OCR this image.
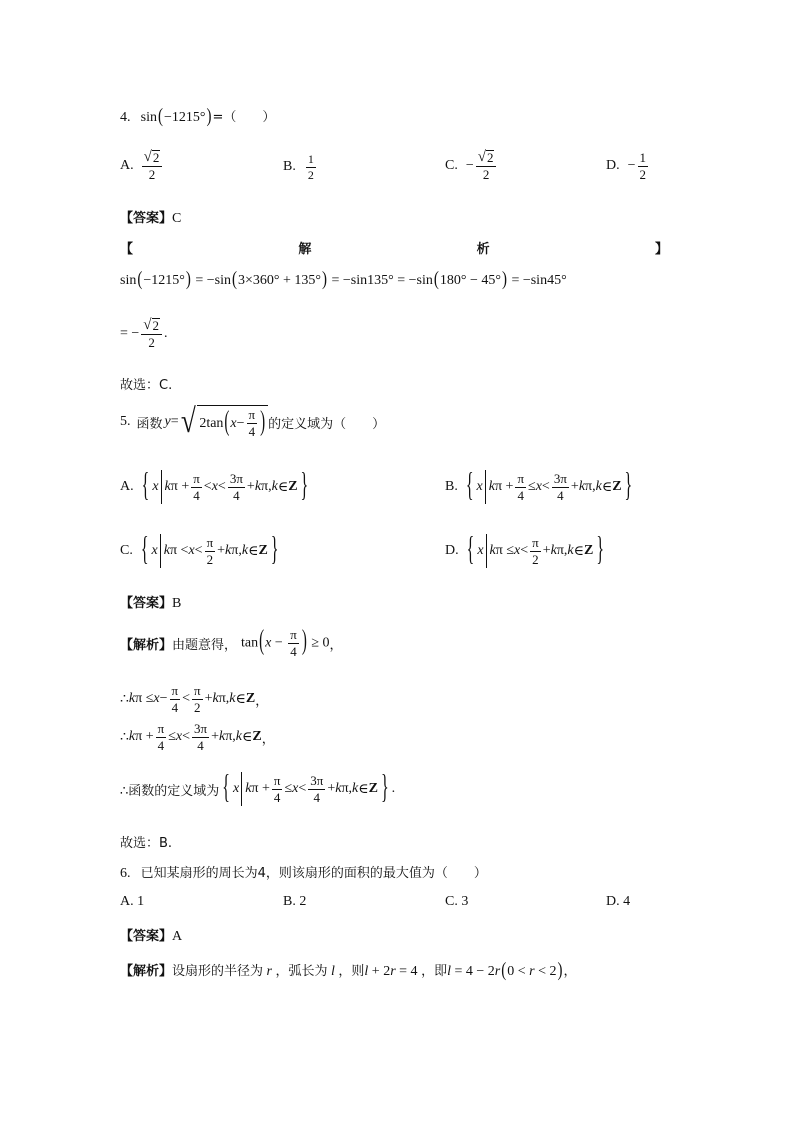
4. sin(−1215°)=（　　）
A. $\frac{√ 2}{2}$	B. $\frac{1}{2}$	C. − $\frac{√ 2}{2}$	D. − $\frac{1}{2}$
【答案】C
【	解	析	】
sin(−1215°) = −sin(3×360° + 135°) = −sin135° = −sin(180° − 45°) = −sin45°
= − $\frac{√ 2}{2}$ .
故选：C.
5. 函数 y = √ 2tan ( $x - \frac{\pi}{4}$ ) 的定义域为（　　）
A. { x k $\pi + \frac{\pi}{4} < x < \frac{3\pi}{4} + k$ π, k ∈ Z }	B. { x k $\pi + \frac{\pi}{4} \le x < \frac{3\pi}{4} + k$ π, k ∈ Z }
C. { x k $\pi < x < \frac{\pi}{2} + k$ π, k ∈ Z }	D. { x k $\pi \le x < \frac{\pi}{2} + k$ π, k ∈ Z }
【答案】B
【解析】 由题意得， $\tan(x - \frac{\pi}{4}$ ) ≥ 0 ，
∴ k $\pi \le x - \frac{\pi}{4} < \frac{\pi}{2} + k$ π, k ∈ Z ，
∴ k $\pi + \frac{\pi}{4} \le x < \frac{3\pi}{4} + k$ π, k ∈ Z ，
∴函数的定义域为 { x k $\pi + \frac{\pi}{4} \le x < \frac{3\pi}{4} + k$ π, k ∈ Z } .
故选：B.
6. 已知某扇形的周长为4，则该扇形的面积的最大值为（　　）
A.
1	B.
2	C.
3	D.
4
【答案】A
【解析】设扇形的半径为 r ，弧长为 l ，则l + 2r = 4 ，即l = 4 − 2r(0 < r < 2)，
